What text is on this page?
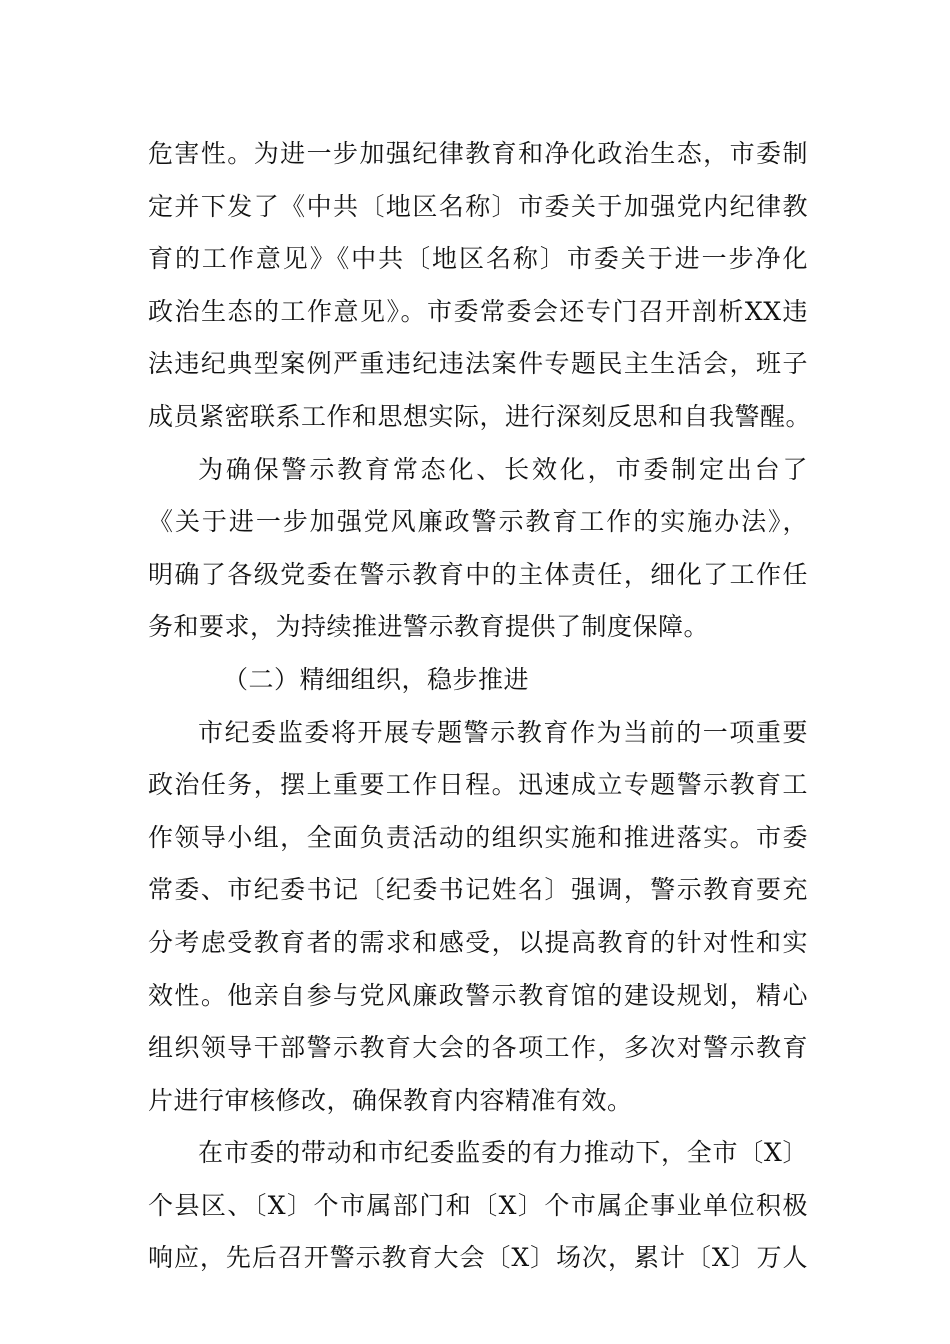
危害性。为进一步加强纪律教育和净化政治生态，市委制
定并下发了《中共〔地区名称〕市委关于加强党内纪律教
育的工作意见》《中共〔地区名称〕市委关于进一步净化
政治生态的工作意见》。市委常委会还专门召开剖析XX违
法违纪典型案例严重违纪违法案件专题民主生活会，班子
成员紧密联系工作和思想实际，进行深刻反思和自我警醒。
为确保警示教育常态化、长效化，市委制定出台了
《关于进一步加强党风廉政警示教育工作的实施办法》，
明确了各级党委在警示教育中的主体责任，细化了工作任
务和要求，为持续推进警示教育提供了制度保障。
（二）精细组织，稳步推进
市纪委监委将开展专题警示教育作为当前的一项重要
政治任务，摆上重要工作日程。迅速成立专题警示教育工
作领导小组，全面负责活动的组织实施和推进落实。市委
常委、市纪委书记〔纪委书记姓名〕强调，警示教育要充
分考虑受教育者的需求和感受，以提高教育的针对性和实
效性。他亲自参与党风廉政警示教育馆的建设规划，精心
组织领导干部警示教育大会的各项工作，多次对警示教育
片进行审核修改，确保教育内容精准有效。
在市委的带动和市纪委监委的有力推动下，全市〔X〕
个县区、〔X〕个市属部门和〔X〕个市属企事业单位积极
响应，先后召开警示教育大会〔X〕场次，累计〔X〕万人
